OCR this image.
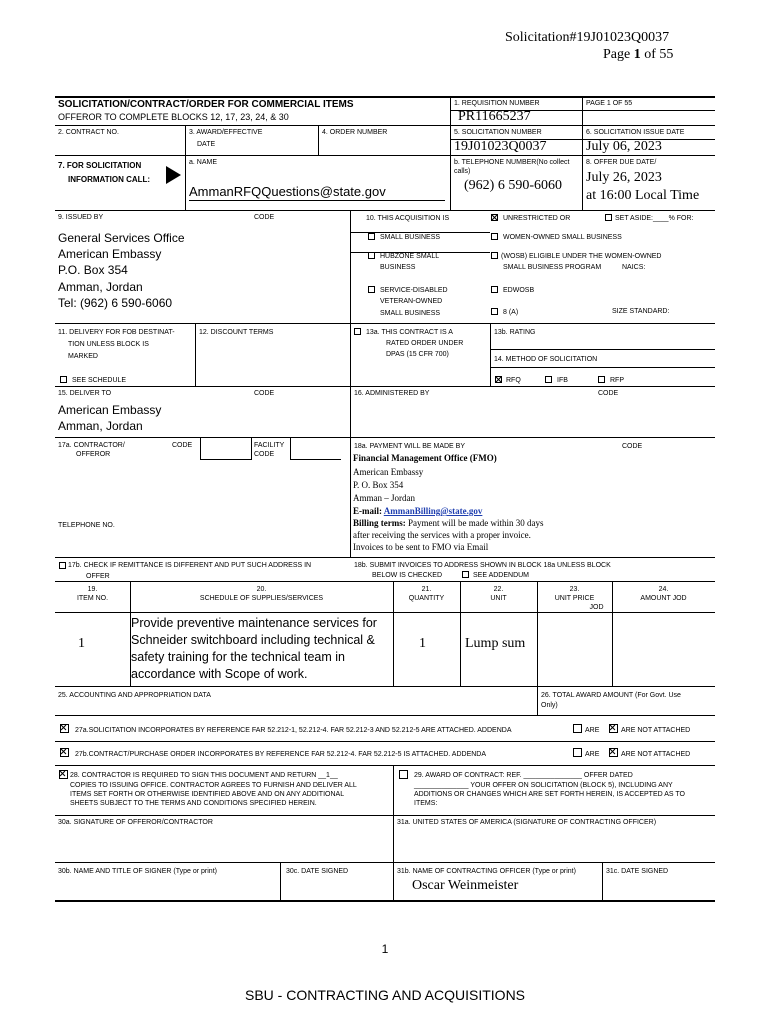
Solicitation#19J01023Q0037
Page 1 of 55
SOLICITATION/CONTRACT/ORDER FOR COMMERCIAL ITEMS
OFFEROR TO COMPLETE BLOCKS 12, 17, 23, 24, & 30
1. REQUISITION NUMBER
PR11665237
PAGE 1 OF 55
2. CONTRACT NO.	3. AWARD/EFFECTIVE
DATE
4. ORDER NUMBER	5. SOLICITATION NUMBER
19J01023Q0037
6. SOLICITATION ISSUE DATE
July 06, 2023
7. FOR SOLICITATION
INFORMATION CALL:
a. NAME
AmmanRFQQuestions@state.gov
b. TELEPHONE NUMBER(No collect
calls)
(962) 6 590-6060
8. OFFER DUE DATE/
July 26, 2023
at 16:00 Local Time
9. ISSUED BY	CODE
General Services Office
American Embassy
P.O. Box 354
Amman, Jordan
Tel: (962) 6 590-6060
10. THIS ACQUISITION IS	UNRESTRICTED OR	SET ASIDE:____% FOR:
SMALL BUSINESS	WOMEN-OWNED SMALL BUSINESS
HUBZONE SMALL
BUSINESS
(WOSB) ELIGIBLE UNDER THE WOMEN-OWNED
SMALL BUSINESS PROGRAM	NAICS:
SERVICE-DISABLED
VETERAN-OWNED
SMALL BUSINESS
EDWOSB
8 (A)	SIZE STANDARD:
11. DELIVERY FOR FOB DESTINAT-
TION UNLESS BLOCK IS
MARKED
SEE SCHEDULE
12. DISCOUNT TERMS	13a. THIS CONTRACT IS A
RATED ORDER UNDER
DPAS (15 CFR 700)
13b. RATING
14. METHOD OF SOLICITATION
RFQ	IFB	RFP
15. DELIVER TO	CODE
American Embassy
Amman, Jordan
16. ADMINISTERED BY	CODE
17a. CONTRACTOR/
OFFEROR
CODE	FACILITY
CODE
TELEPHONE NO.
18a. PAYMENT WILL BE MADE BY	CODE
Financial Management Office (FMO)
American Embassy
P. O. Box 354
Amman – Jordan
E-mail: AmmanBilling@state.gov
Billing terms: Payment will be made within 30 days
after receiving the services with a proper invoice.
Invoices to be sent to FMO via Email
17b. CHECK IF REMITTANCE IS DIFFERENT AND PUT SUCH ADDRESS IN
OFFER
18b. SUBMIT INVOICES TO ADDRESS SHOWN IN BLOCK 18a UNLESS BLOCK
BELOW IS CHECKED	SEE ADDENDUM
19.
ITEM NO.
20.
SCHEDULE OF SUPPLIES/SERVICES
21.
QUANTITY
22.
UNIT
23.
UNIT PRICE
JOD
24.
AMOUNT JOD
1
Provide preventive maintenance services for
Schneider switchboard including technical &
safety training for the technical team in
accordance with Scope of work.
1	Lump sum
25. ACCOUNTING AND APPROPRIATION DATA	26. TOTAL AWARD AMOUNT (For Govt. Use
Only)
27a.SOLICITATION INCORPORATES BY REFERENCE FAR 52.212-1, 52.212-4. FAR 52.212-3 AND 52.212-5 ARE ATTACHED. ADDENDA	ARE	ARE NOT ATTACHED
27b.CONTRACT/PURCHASE ORDER INCORPORATES BY REFERENCE FAR 52.212-4. FAR 52.212-5 IS ATTACHED. ADDENDA	ARE	ARE NOT ATTACHED
28. CONTRACTOR IS REQUIRED TO SIGN THIS DOCUMENT AND RETURN __1__
COPIES TO ISSUING OFFICE. CONTRACTOR AGREES TO FURNISH AND DELIVER ALL
ITEMS SET FORTH OR OTHERWISE IDENTIFIED ABOVE AND ON ANY ADDITIONAL
SHEETS SUBJECT TO THE TERMS AND CONDITIONS SPECIFIED HEREIN.
29. AWARD OF CONTRACT: REF. _______________ OFFER DATED
______________ YOUR OFFER ON SOLICITATION (BLOCK 5), INCLUDING ANY
ADDITIONS OR CHANGES WHICH ARE SET FORTH HEREIN, IS ACCEPTED AS TO
ITEMS:
30a. SIGNATURE OF OFFEROR/CONTRACTOR	31a. UNITED STATES OF AMERICA (SIGNATURE OF CONTRACTING OFFICER)
30b. NAME AND TITLE OF SIGNER (Type or print)	30c. DATE SIGNED	31b. NAME OF CONTRACTING OFFICER (Type or print)
Oscar Weinmeister
31c. DATE SIGNED
1
SBU - CONTRACTING AND ACQUISITIONS
